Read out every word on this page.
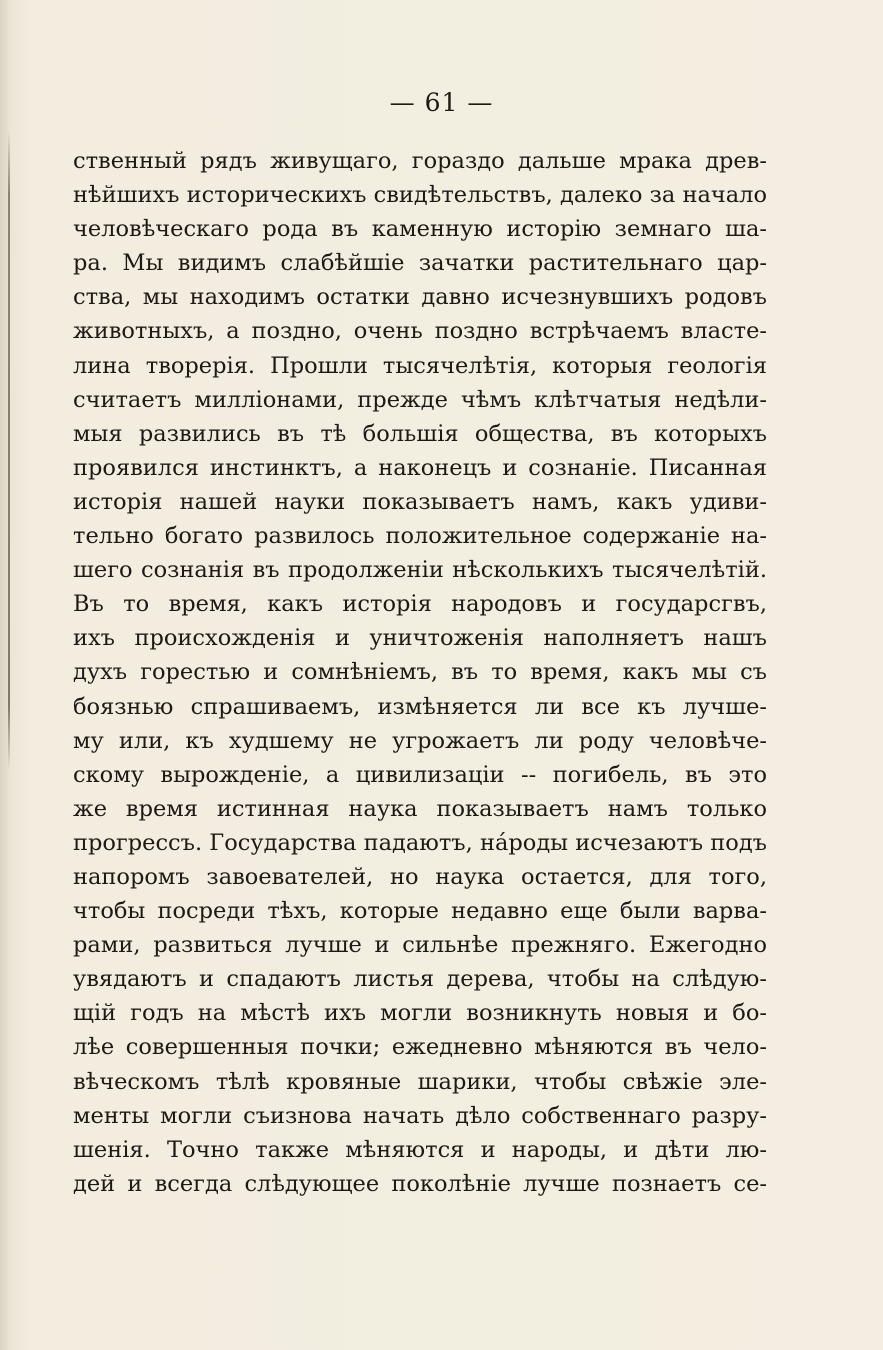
— 61 —
ственный рядъ живущаго, гораздо дальше мрака древ-
нѣйшихъ историческихъ свидѣтельствъ, далеко за начало
человѣческаго рода въ каменную исторію земнаго ша-
ра. Мы видимъ слабѣйшіе зачатки растительнаго цар-
ства, мы находимъ остатки давно исчезнувшихъ родовъ
животныхъ, а поздно, очень поздно встрѣчаемъ власте-
лина творерія. Прошли тысячелѣтія, которыя геологія
считаетъ милліонами, прежде чѣмъ клѣтчатыя недѣли-
мыя развились въ тѣ большія общества, въ которыхъ
проявился инстинктъ, а наконецъ и сознаніе. Писанная
исторія нашей науки показываетъ намъ, какъ удиви-
тельно богато развилось положительное содержаніе на-
шего сознанія въ продолженіи нѣсколькихъ тысячелѣтій.
Въ то время, какъ исторія народовъ и государсгвъ,
ихъ происхожденія и уничтоженія наполняетъ нашъ
духъ горестью и сомнѣніемъ, въ то время, какъ мы съ
боязнью спрашиваемъ, измѣняется ли все къ лучше-
му или, къ худшему не угрожаетъ ли роду человѣче-
скому вырожденіе, а цивилизаціи -- погибель, въ это
же время истинная наука показываетъ намъ только
прогрессъ. Государства падаютъ, нáроды исчезаютъ подъ
напоромъ завоевателей, но наука остается, для того,
чтобы посреди тѣхъ, которые недавно еще были варва-
рами, развиться лучше и сильнѣе прежняго. Ежегодно
увядаютъ и спадаютъ листья дерева, чтобы на слѣдую-
щій годъ на мѣстѣ ихъ могли возникнуть новыя и бо-
лѣе совершенныя почки; ежедневно мѣняются въ чело-
вѣческомъ тѣлѣ кровяные шарики, чтобы свѣжіе эле-
менты могли съизнова начать дѣло собственнаго разру-
шенія. Точно также мѣняются и народы, и дѣти лю-
дей и всегда слѣдующее поколѣніе лучше познаетъ се-
